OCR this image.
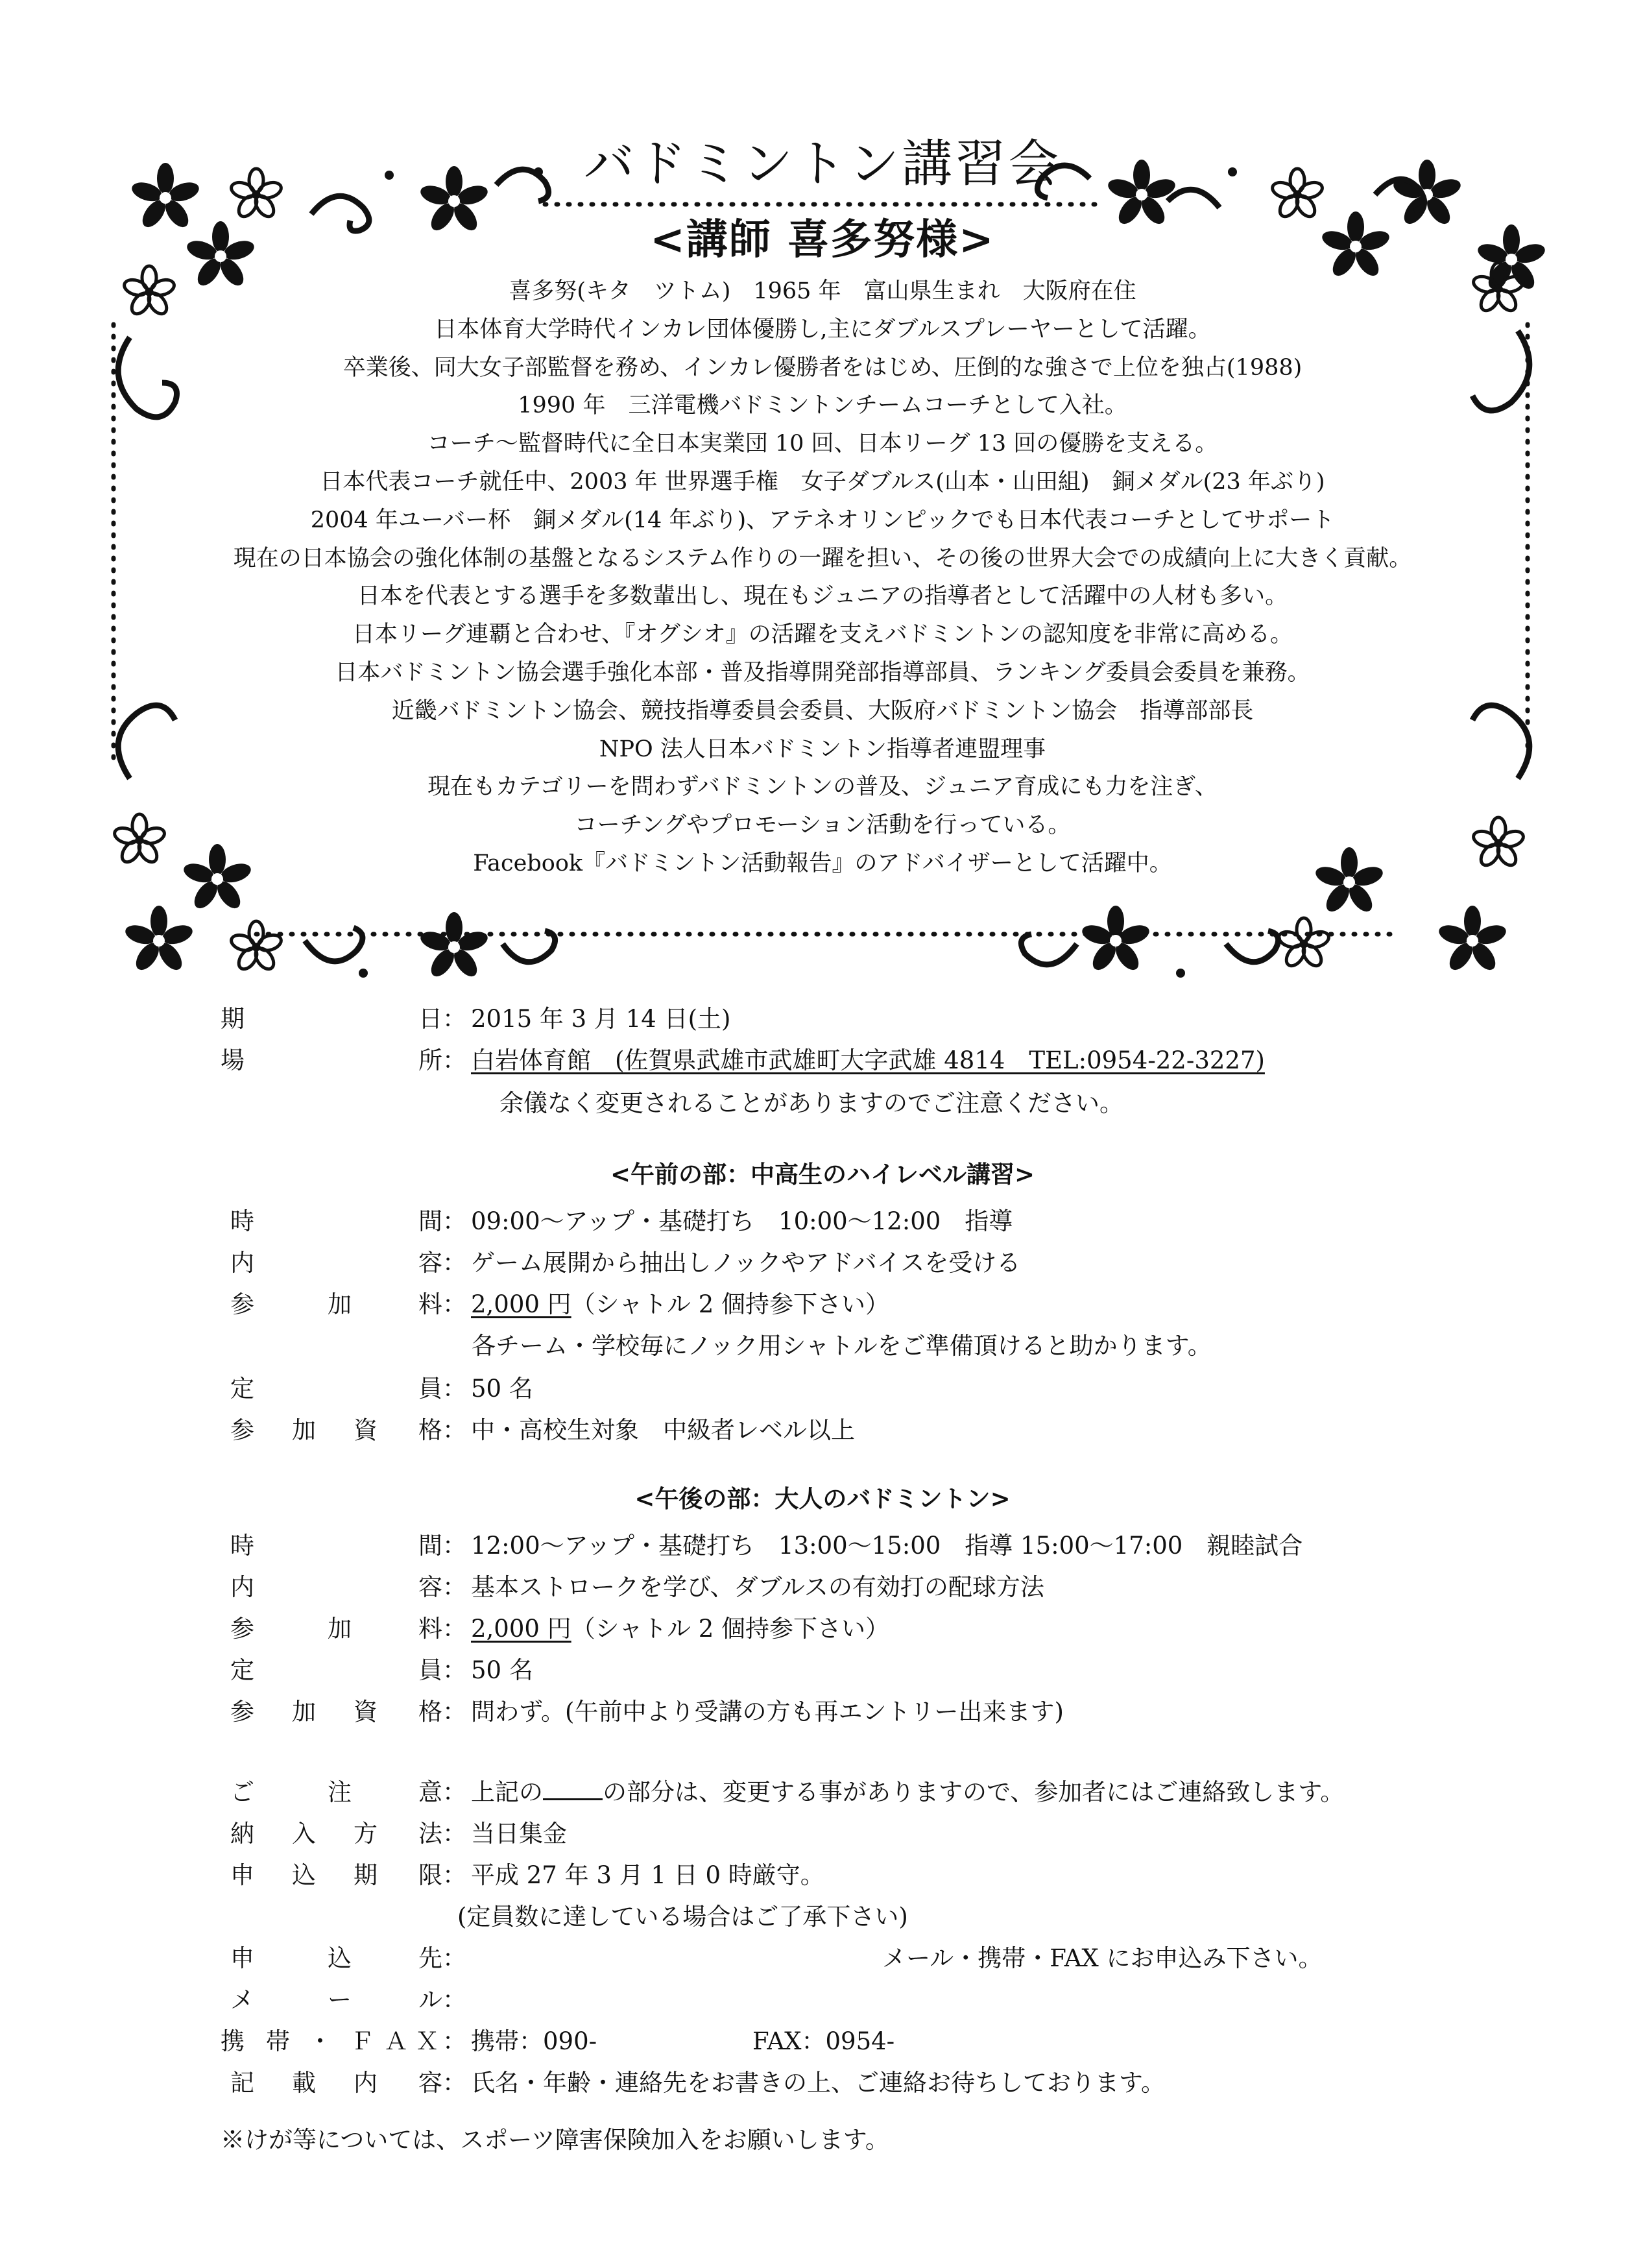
バドミントン講習会
<講師 喜多努様>
喜多努(キタ　ツトム)　1965 年　富山県生まれ　大阪府在住
日本体育大学時代インカレ団体優勝し,主にダブルスプレーヤーとして活躍。
卒業後、同大女子部監督を務め、インカレ優勝者をはじめ、圧倒的な強さで上位を独占(1988)
1990 年　三洋電機バドミントンチームコーチとして入社。
コーチ～監督時代に全日本実業団 10 回、日本リーグ 13 回の優勝を支える。
日本代表コーチ就任中、2003 年 世界選手権　女子ダブルス(山本・山田組)　銅メダル(23 年ぶり)
2004 年ユーバー杯　銅メダル(14 年ぶり)、アテネオリンピックでも日本代表コーチとしてサポート
現在の日本協会の強化体制の基盤となるシステム作りの一躍を担い、その後の世界大会での成績向上に大きく貢献。
日本を代表とする選手を多数輩出し、現在もジュニアの指導者として活躍中の人材も多い。
日本リーグ連覇と合わせ、『オグシオ』の活躍を支えバドミントンの認知度を非常に高める。
日本バドミントン協会選手強化本部・普及指導開発部指導部員、ランキング委員会委員を兼務。
近畿バドミントン協会、競技指導委員会委員、大阪府バドミントン協会　指導部部長
NPO 法人日本バドミントン指導者連盟理事
現在もカテゴリーを問わずバドミントンの普及、ジュニア育成にも力を注ぎ、
コーチングやプロモーション活動を行っている。
Facebook『バドミントン活動報告』のアドバイザーとして活躍中。
期	日 ： 2015 年 3 月 14 日(土)
場	所 ： 白岩体育館　(佐賀県武雄市武雄町大字武雄 4814　TEL:0954-22-3227)
余儀なく変更されることがありますのでご注意ください。
<午前の部：中高生のハイレベル講習>
時	間 ： 09:00～アップ・基礎打ち　10:00～12:00　指導
内	容 ： ゲーム展開から抽出しノックやアドバイスを受ける
参	加	料 ： 2,000 円（シャトル 2 個持参下さい）
各チーム・学校毎にノック用シャトルをご準備頂けると助かります。
定	員 ： 50 名
参 加 資 格 ： 中・高校生対象　中級者レベル以上
<午後の部：大人のバドミントン>
時	間 ： 12:00～アップ・基礎打ち　13:00～15:00　指導 15:00～17:00　親睦試合
内	容 ： 基本ストロークを学び、ダブルスの有効打の配球方法
参	加	料 ： 2,000 円（シャトル 2 個持参下さい）
定	員 ： 50 名
参 加 資 格 ： 問わず。(午前中より受講の方も再エントリー出来ます)
ご	注	意 ： 上記の の部分は、変更する事がありますので、参加者にはご連絡致します。
納 入 方 法 ： 当日集金
申 込 期 限 ： 平成 27 年 3 月 1 日 0 時厳守。
(定員数に達している場合はご了承下さい)
申	込	先 ：	メール・携帯・FAX にお申込み下さい。
メ	ー	ル ：
携 帯 ・ Ｆ Ａ Ｘ ： 携帯：090-	FAX：0954-
記 載 内 容 ： 氏名・年齢・連絡先をお書きの上、ご連絡お待ちしております。
※けが等については、スポーツ障害保険加入をお願いします。
